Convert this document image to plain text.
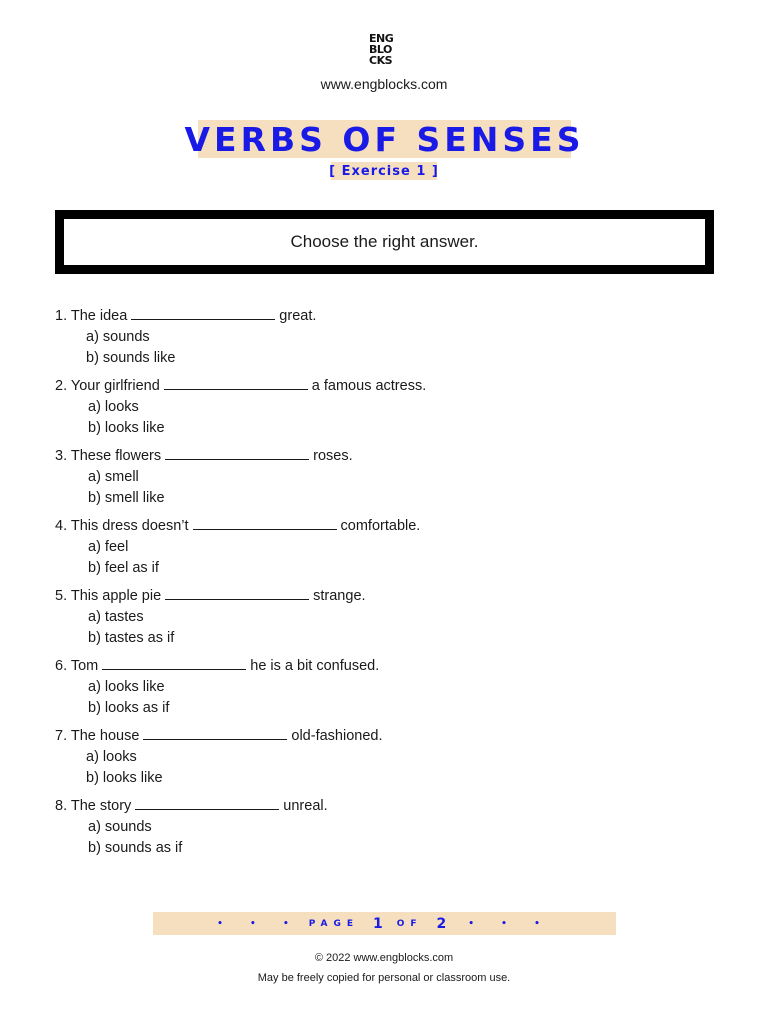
ENG
BLO
CKS
www.engblocks.com
VERBS OF SENSES
[ Exercise 1 ]
Choose the right answer.
1. The idea	great.
a) sounds
b) sounds like
2. Your girlfriend	a famous actress.
a) looks
b) looks like
3. These flowers	roses.
a) smell
b) smell like
4. This dress doesn’t	comfortable.
a) feel
b) feel as if
5. This apple pie	strange.
a) tastes
b) tastes as if
6. Tom	he is a bit confused.
a) looks like
b) looks as if
7. The house	old-fashioned.
a) looks
b) looks like
8. The story	unreal.
a) sounds
b) sounds as if
• • • PAGE 1 OF 2 • • •
© 2022 www.engblocks.com
May be freely copied for personal or classroom use.
